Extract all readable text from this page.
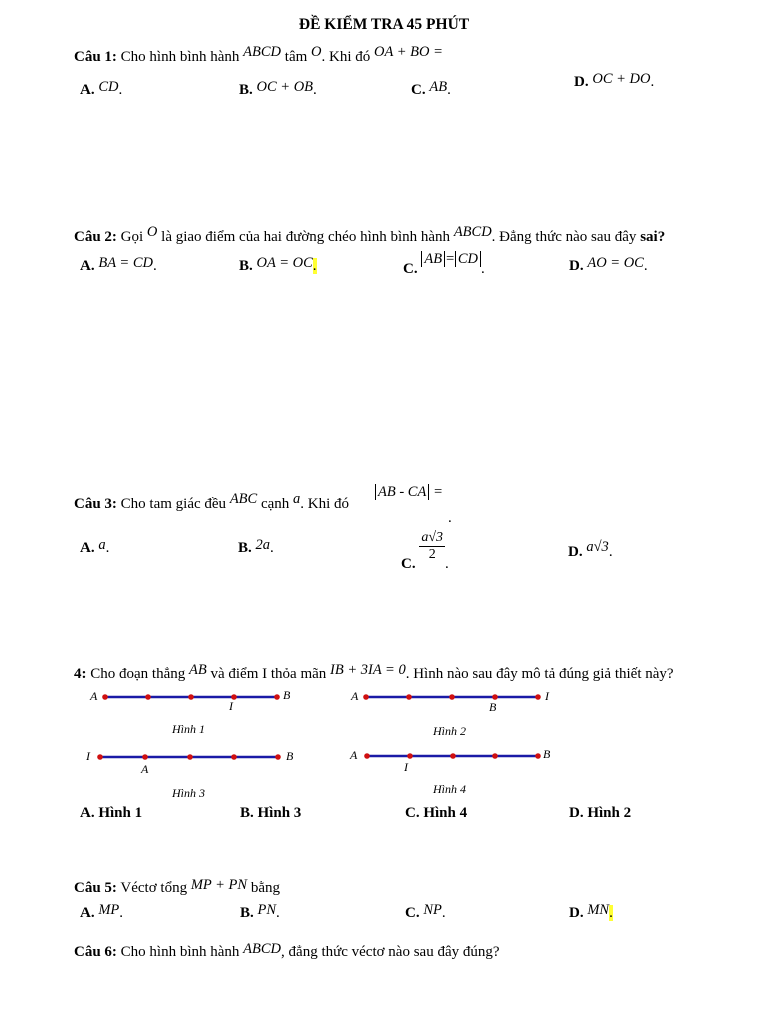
ĐỀ KIỂM TRA 45 PHÚT
Câu 1: Cho hình bình hành ABCD tâm O. Khi đó OA + BO =
A. CD.	B. OC + OB.	C. AB.	D. OC + DO.
Câu 2: Gọi O là giao điểm của hai đường chéo hình bình hành ABCD. Đẳng thức nào sau đây sai?
A. BA = CD.	B. OA = OC.	C. AB = CD.	D. AO = OC.
Câu 3: Cho tam giác đều ABC cạnh a. Khi đó
AB - CA =
.
A. a.	B. 2a.
C.
$\frac{a√3}{2}$
.
D. a√3.
4: Cho đoạn thẳng AB và điểm I thỏa mãn IB + 3IA = 0. Hình nào sau đây mô tả đúng giả thiết này?
A	B
I
Hình 1
A	I
B
Hình 2
I	B
A
Hình 3
A	B
I
Hình 4
A. Hình 1	B. Hình 3	C. Hình 4	D. Hình 2
Câu 5: Véctơ tổng MP + PN bằng
A. MP.	B. PN.	C. NP.	D. MN.
Câu 6: Cho hình bình hành ABCD, đẳng thức véctơ nào sau đây đúng?
